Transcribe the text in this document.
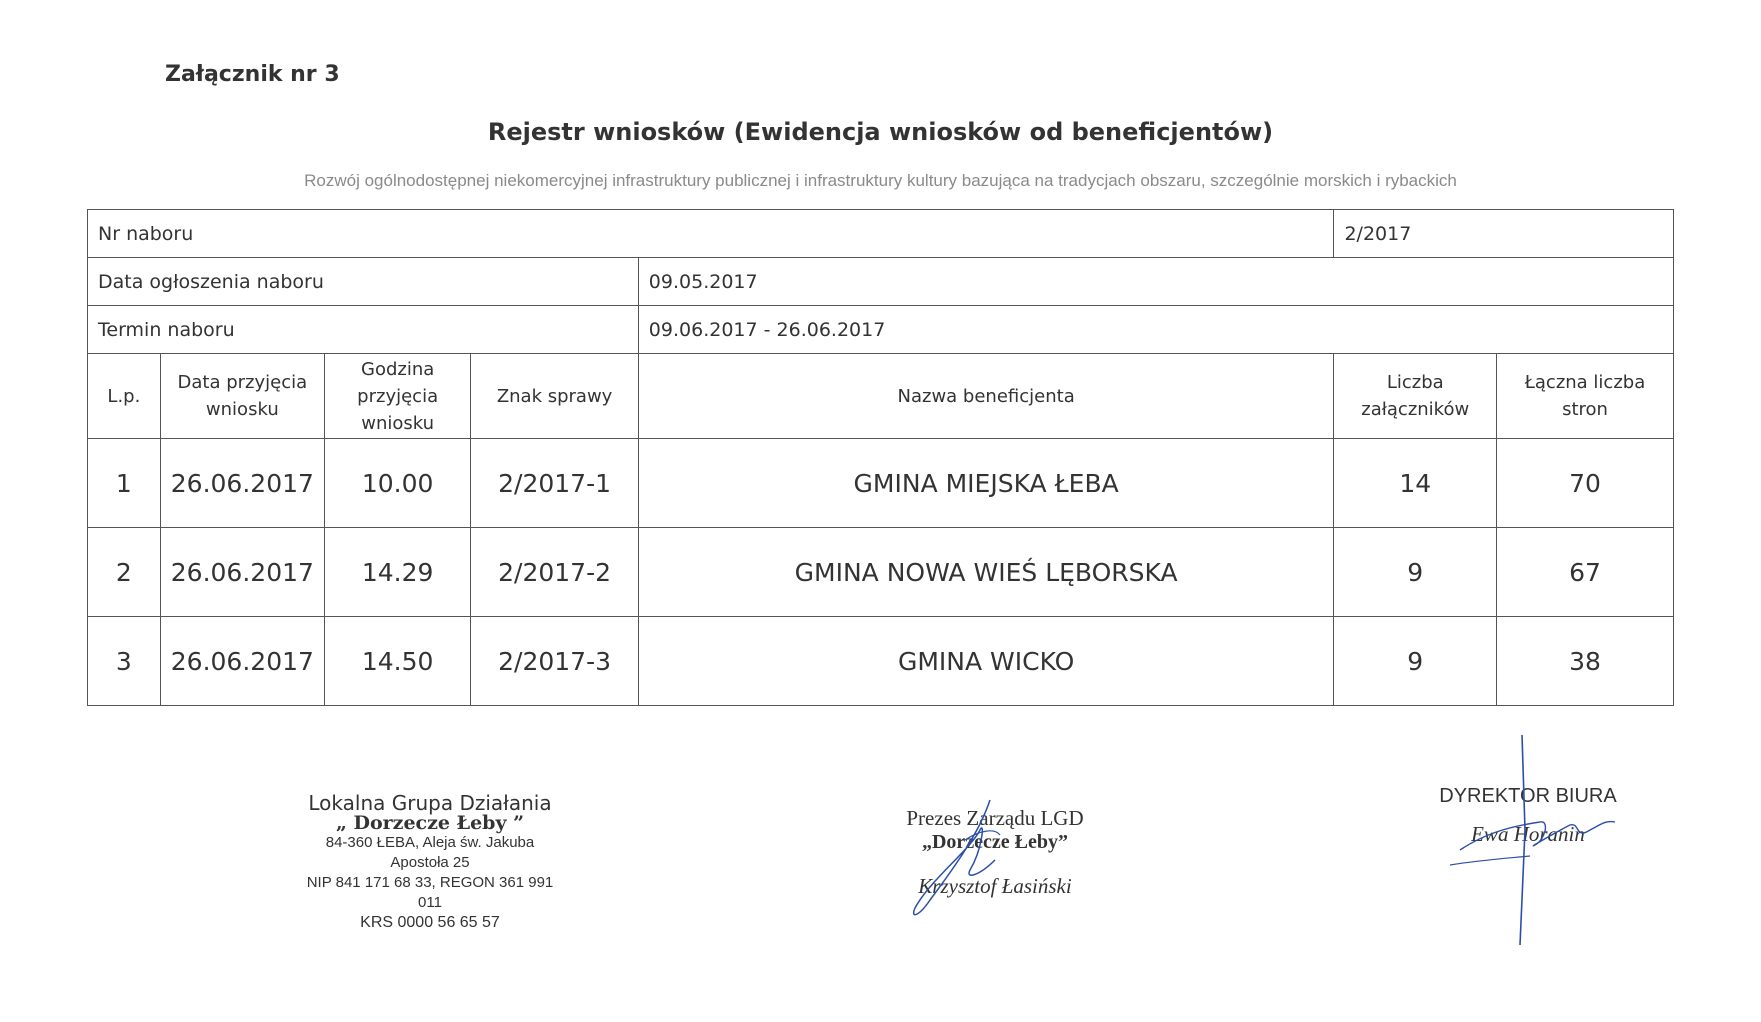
Załącznik nr 3
Rejestr wniosków (Ewidencja wniosków od beneficjentów)
Rozwój ogólnodostępnej niekomercyjnej infrastruktury publicznej i infrastruktury kultury bazująca na tradycjach obszaru, szczególnie morskich i rybackich
Nr naboru					2/2017	
Data ogłoszenia naboru				09.05.2017		
Termin naboru				09.06.2017 - 26.06.2017		
L.p.	Data przyjęcia wniosku	Godzina przyjęcia wniosku	Znak sprawy	Nazwa beneficjenta	Liczba załączników	Łączna liczba stron
1	26.06.2017	10.00	2/2017-1	GMINA MIEJSKA ŁEBA	14	70
2	26.06.2017	14.29	2/2017-2	GMINA NOWA WIEŚ LĘBORSKA	9	67
3	26.06.2017	14.50	2/2017-3	GMINA WICKO	9	38
Lokalna Grupa Działania
„ Dorzecze Łeby ”
84-360 ŁEBA, Aleja św. Jakuba Apostoła 25
NIP 841 171 68 33, REGON 361 991 011
KRS 0000 56 65 57
Prezes Zarządu LGD
„Dorzecze Łeby”
Krzysztof Łasiński
DYREKTOR BIURA
Ewa Horanin
